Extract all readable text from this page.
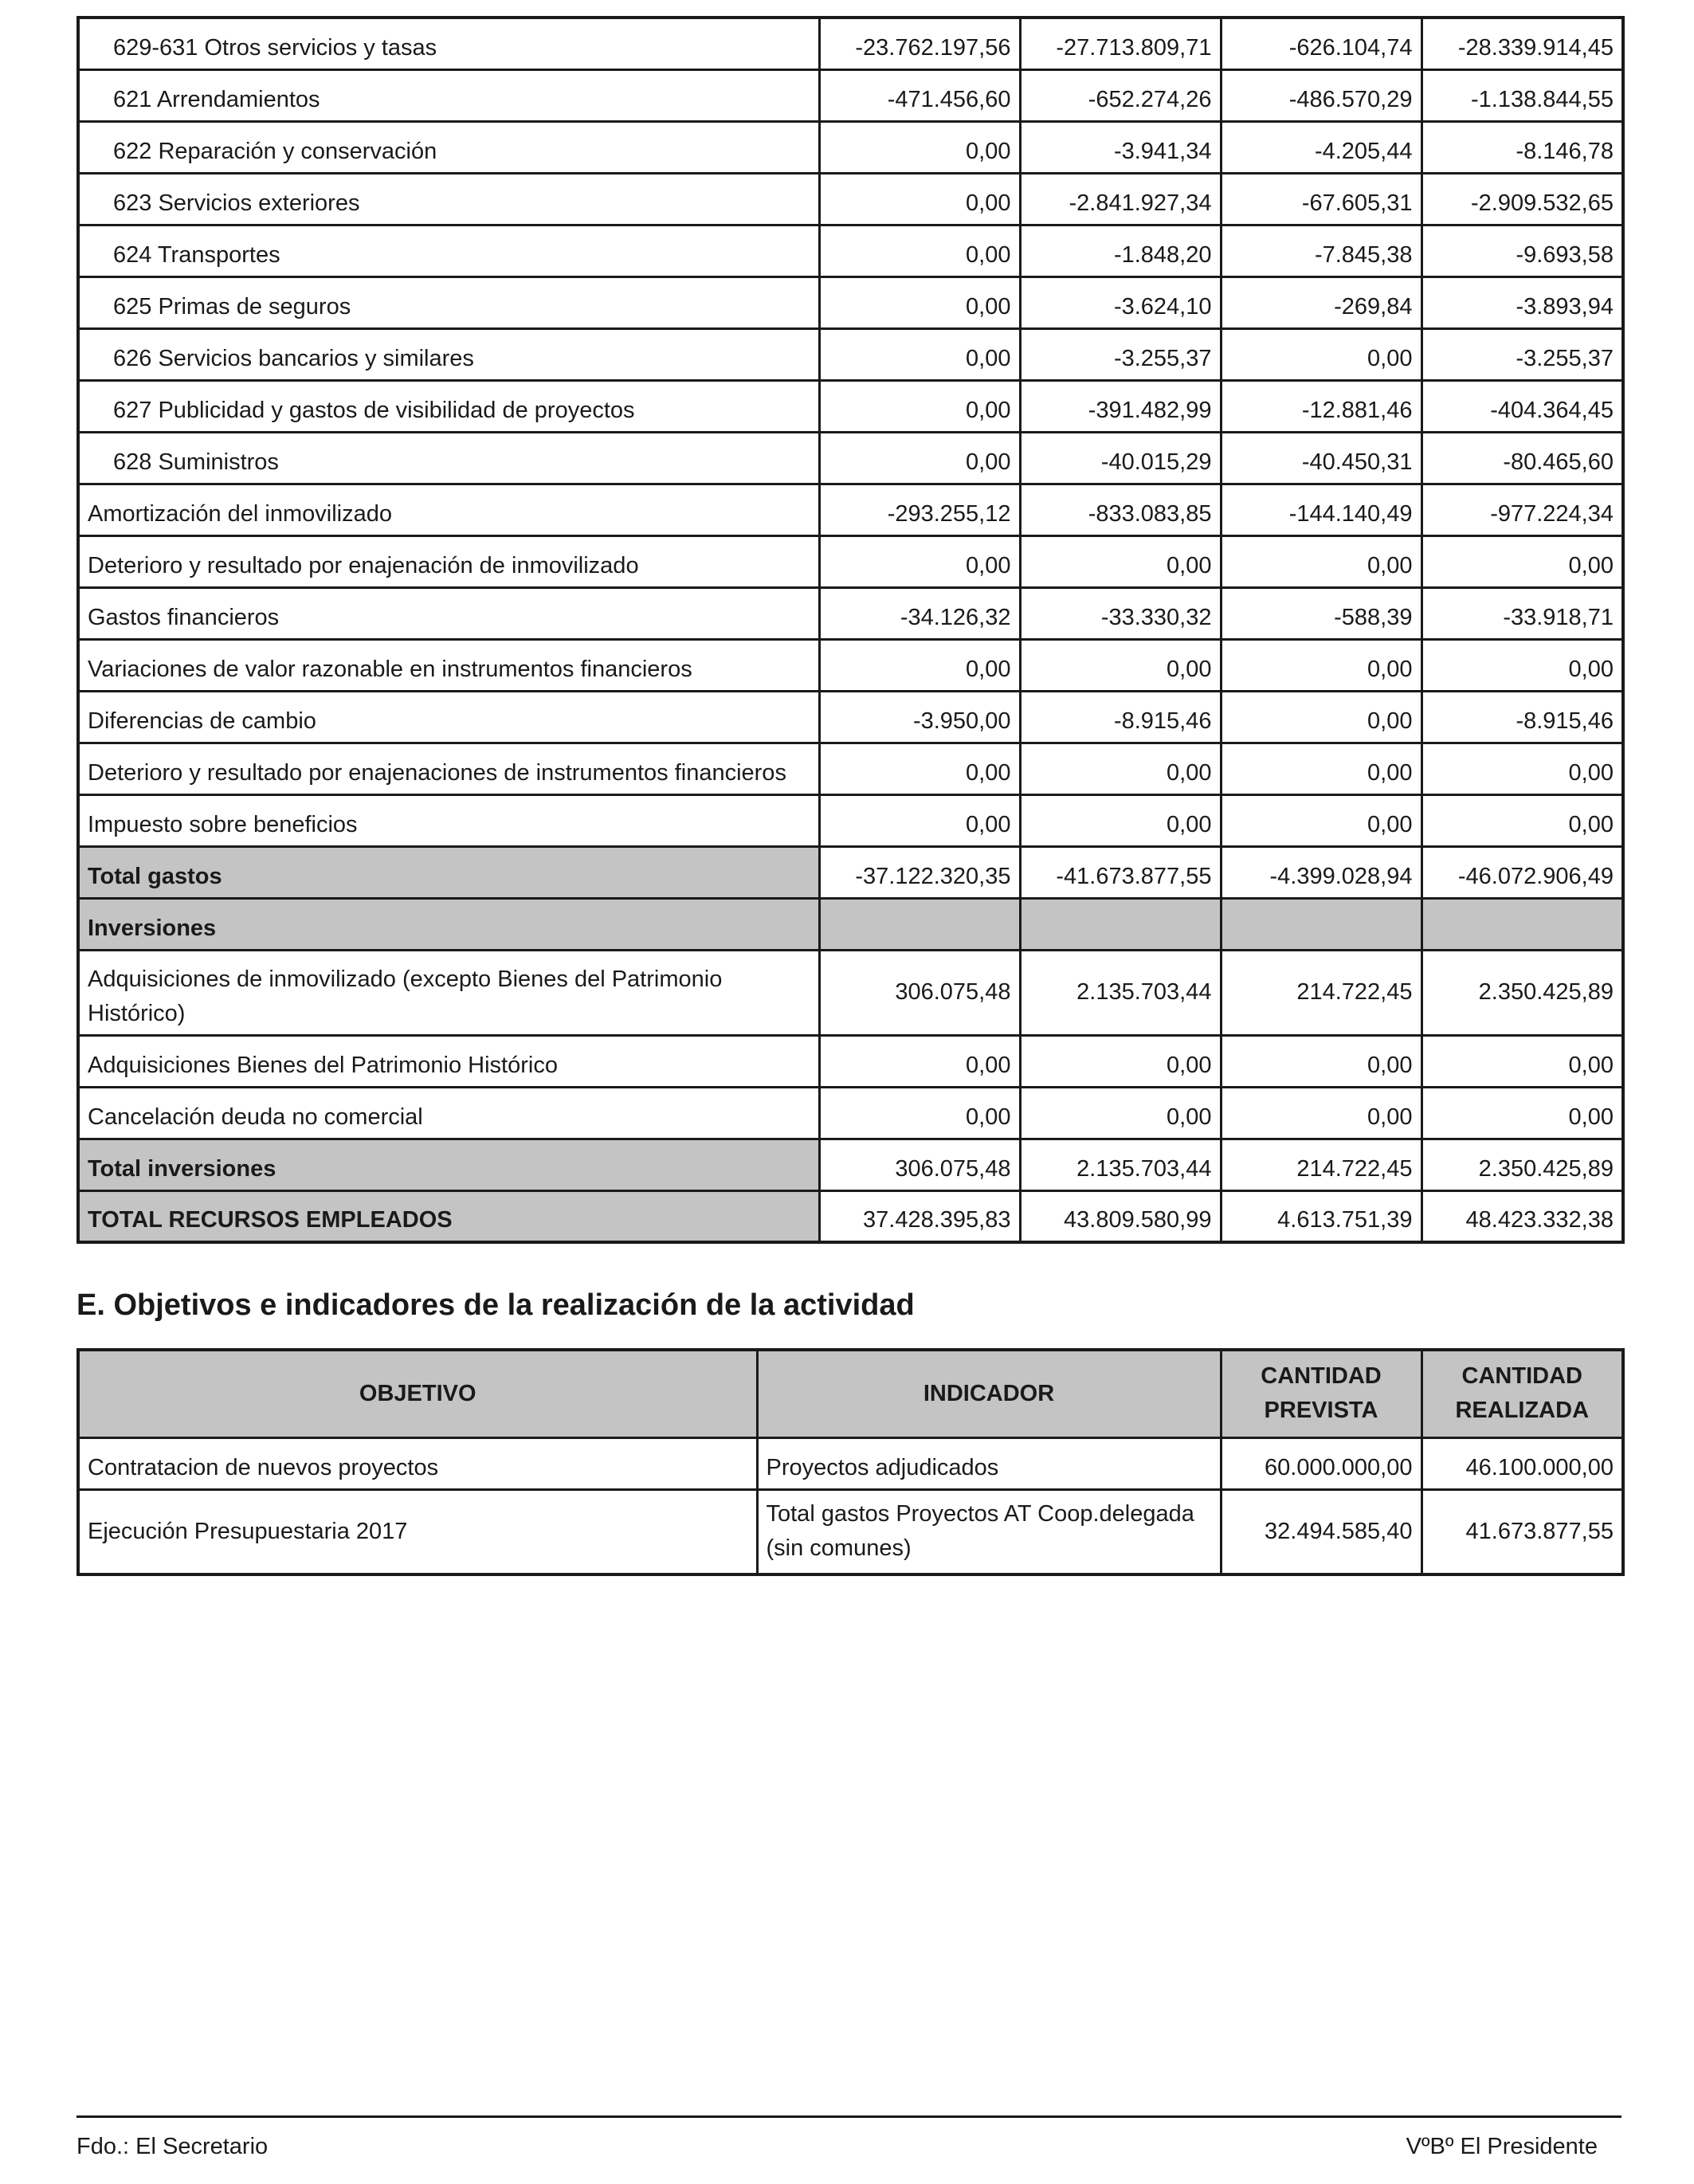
629-631 Otros servicios y tasas	-23.762.197,56	-27.713.809,71	-626.104,74	-28.339.914,45
621 Arrendamientos	-471.456,60	-652.274,26	-486.570,29	-1.138.844,55
622 Reparación y conservación	0,00	-3.941,34	-4.205,44	-8.146,78
623 Servicios exteriores	0,00	-2.841.927,34	-67.605,31	-2.909.532,65
624 Transportes	0,00	-1.848,20	-7.845,38	-9.693,58
625 Primas de seguros	0,00	-3.624,10	-269,84	-3.893,94
626 Servicios bancarios y similares	0,00	-3.255,37	0,00	-3.255,37
627 Publicidad y gastos de visibilidad de proyectos	0,00	-391.482,99	-12.881,46	-404.364,45
628 Suministros	0,00	-40.015,29	-40.450,31	-80.465,60
Amortización del inmovilizado	-293.255,12	-833.083,85	-144.140,49	-977.224,34
Deterioro y resultado por enajenación de inmovilizado	0,00	0,00	0,00	0,00
Gastos financieros	-34.126,32	-33.330,32	-588,39	-33.918,71
Variaciones de valor razonable en instrumentos financieros	0,00	0,00	0,00	0,00
Diferencias de cambio	-3.950,00	-8.915,46	0,00	-8.915,46
Deterioro y resultado por enajenaciones de instrumentos financieros	0,00	0,00	0,00	0,00
Impuesto sobre beneficios	0,00	0,00	0,00	0,00
Total gastos	-37.122.320,35	-41.673.877,55	-4.399.028,94	-46.072.906,49
Inversiones				
Adquisiciones de inmovilizado (excepto Bienes del Patrimonio Histórico)	306.075,48	2.135.703,44	214.722,45	2.350.425,89
Adquisiciones Bienes del Patrimonio Histórico	0,00	0,00	0,00	0,00
Cancelación deuda no comercial	0,00	0,00	0,00	0,00
Total inversiones	306.075,48	2.135.703,44	214.722,45	2.350.425,89
TOTAL RECURSOS EMPLEADOS	37.428.395,83	43.809.580,99	4.613.751,39	48.423.332,38
E. Objetivos e indicadores de la realización de la actividad
OBJETIVO	INDICADOR	CANTIDAD PREVISTA	CANTIDAD REALIZADA
Contratacion de nuevos proyectos	Proyectos adjudicados	60.000.000,00	46.100.000,00
Ejecución Presupuestaria 2017	Total gastos Proyectos AT Coop.delegada (sin comunes)	32.494.585,40	41.673.877,55
Fdo.: El Secretario	VºBº El Presidente
